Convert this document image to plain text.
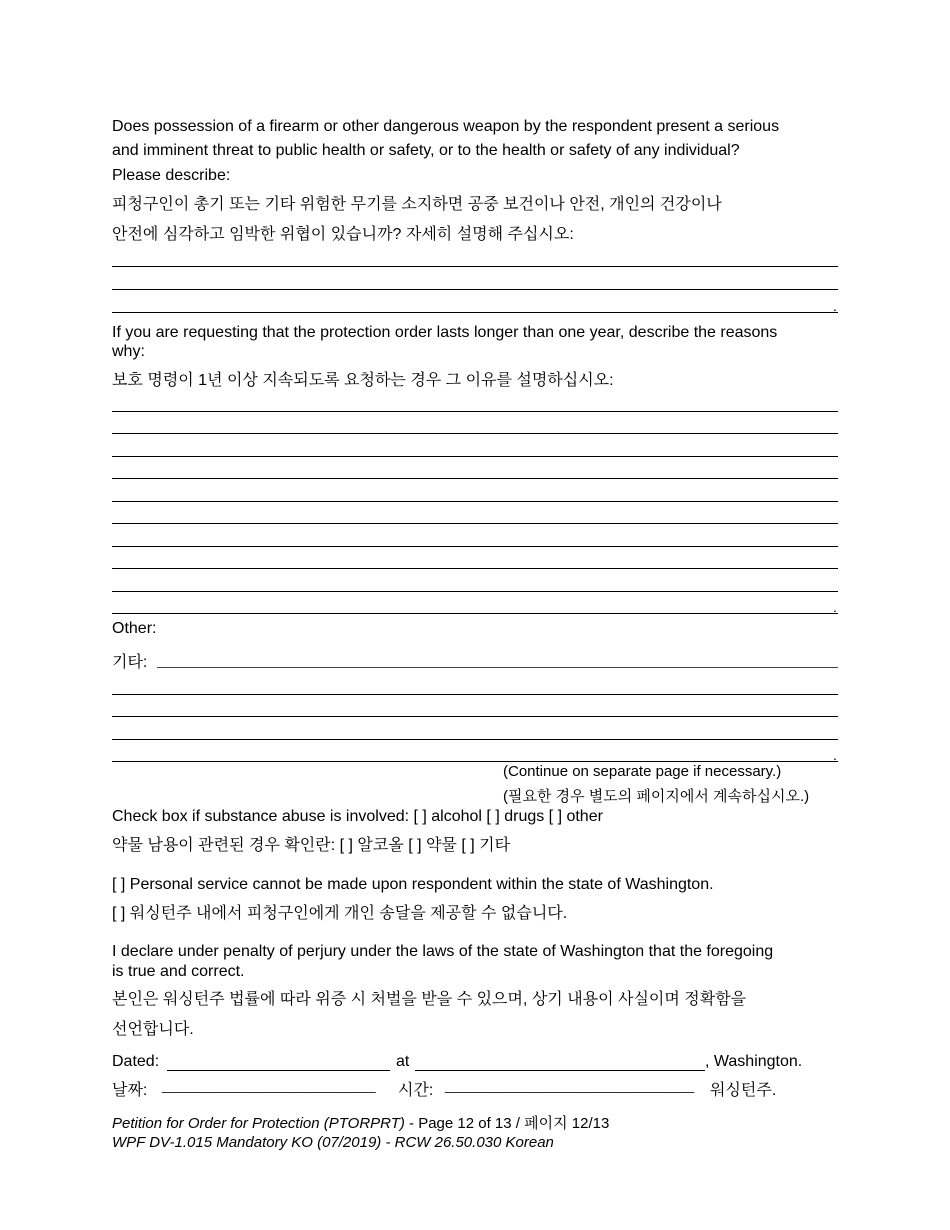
Does possession of a firearm or other dangerous weapon by the respondent present a serious
and imminent threat to public health or safety, or to the health or safety of any individual?
Please describe:
피청구인이 총기 또는 기타 위험한 무기를 소지하면 공중 보건이나 안전, 개인의 건강이나
안전에 심각하고 임박한 위협이 있습니까? 자세히 설명해 주십시오:
.
If you are requesting that the protection order lasts longer than one year, describe the reasons
why:
보호 명령이 1년 이상 지속되도록 요청하는 경우 그 이유를 설명하십시오:
.
Other:
기타:
.
(Continue on separate page if necessary.)
(필요한 경우 별도의 페이지에서 계속하십시오.)
Check box if substance abuse is involved: [ ] alcohol [ ] drugs [ ] other
약물 남용이 관련된 경우 확인란: [ ] 알코올 [ ] 약물 [ ] 기타
[ ] Personal service cannot be made upon respondent within the state of Washington.
[ ] 워싱턴주 내에서 피청구인에게 개인 송달을 제공할 수 없습니다.
I declare under penalty of perjury under the laws of the state of Washington that the foregoing
is true and correct.
본인은 워싱턴주 법률에 따라 위증 시 처벌을 받을 수 있으며, 상기 내용이 사실이며 정확함을
선언합니다.
Dated:	at	, Washington.
날짜: ________________________ 시간: ____________________________ 워싱턴주.
Petition for Order for Protection (PTORPRT) - Page 12 of 13 / 페이지 12/13
WPF DV-1.015 Mandatory KO (07/2019) - RCW 26.50.030 Korean
